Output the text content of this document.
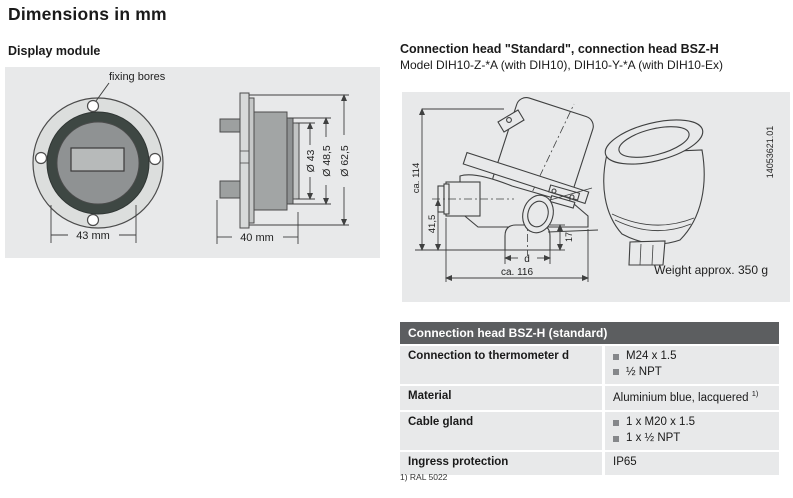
Dimensions in mm
Display module	Connection head "Standard", connection head BSZ-H
Model DIH10-Z-*A (with DIH10), DIH10-Y-*A (with DIH10-Ex)
fixing bores
43 mm
Ø 43 Ø 48,5 Ø 62,5
40 mm
ca. 114
41,5
17
d
ca. 116
14053621.01
Weight approx. 350 g
Connection head BSZ-H (standard)
Connection to thermometer d	M24 x 1.5
½ NPT
Material	Aluminium blue, lacquered $^{1)}$
Cable gland	1 x M20 x 1.5
1 x ½ NPT
Ingress protection	IP65
1) RAL 5022
